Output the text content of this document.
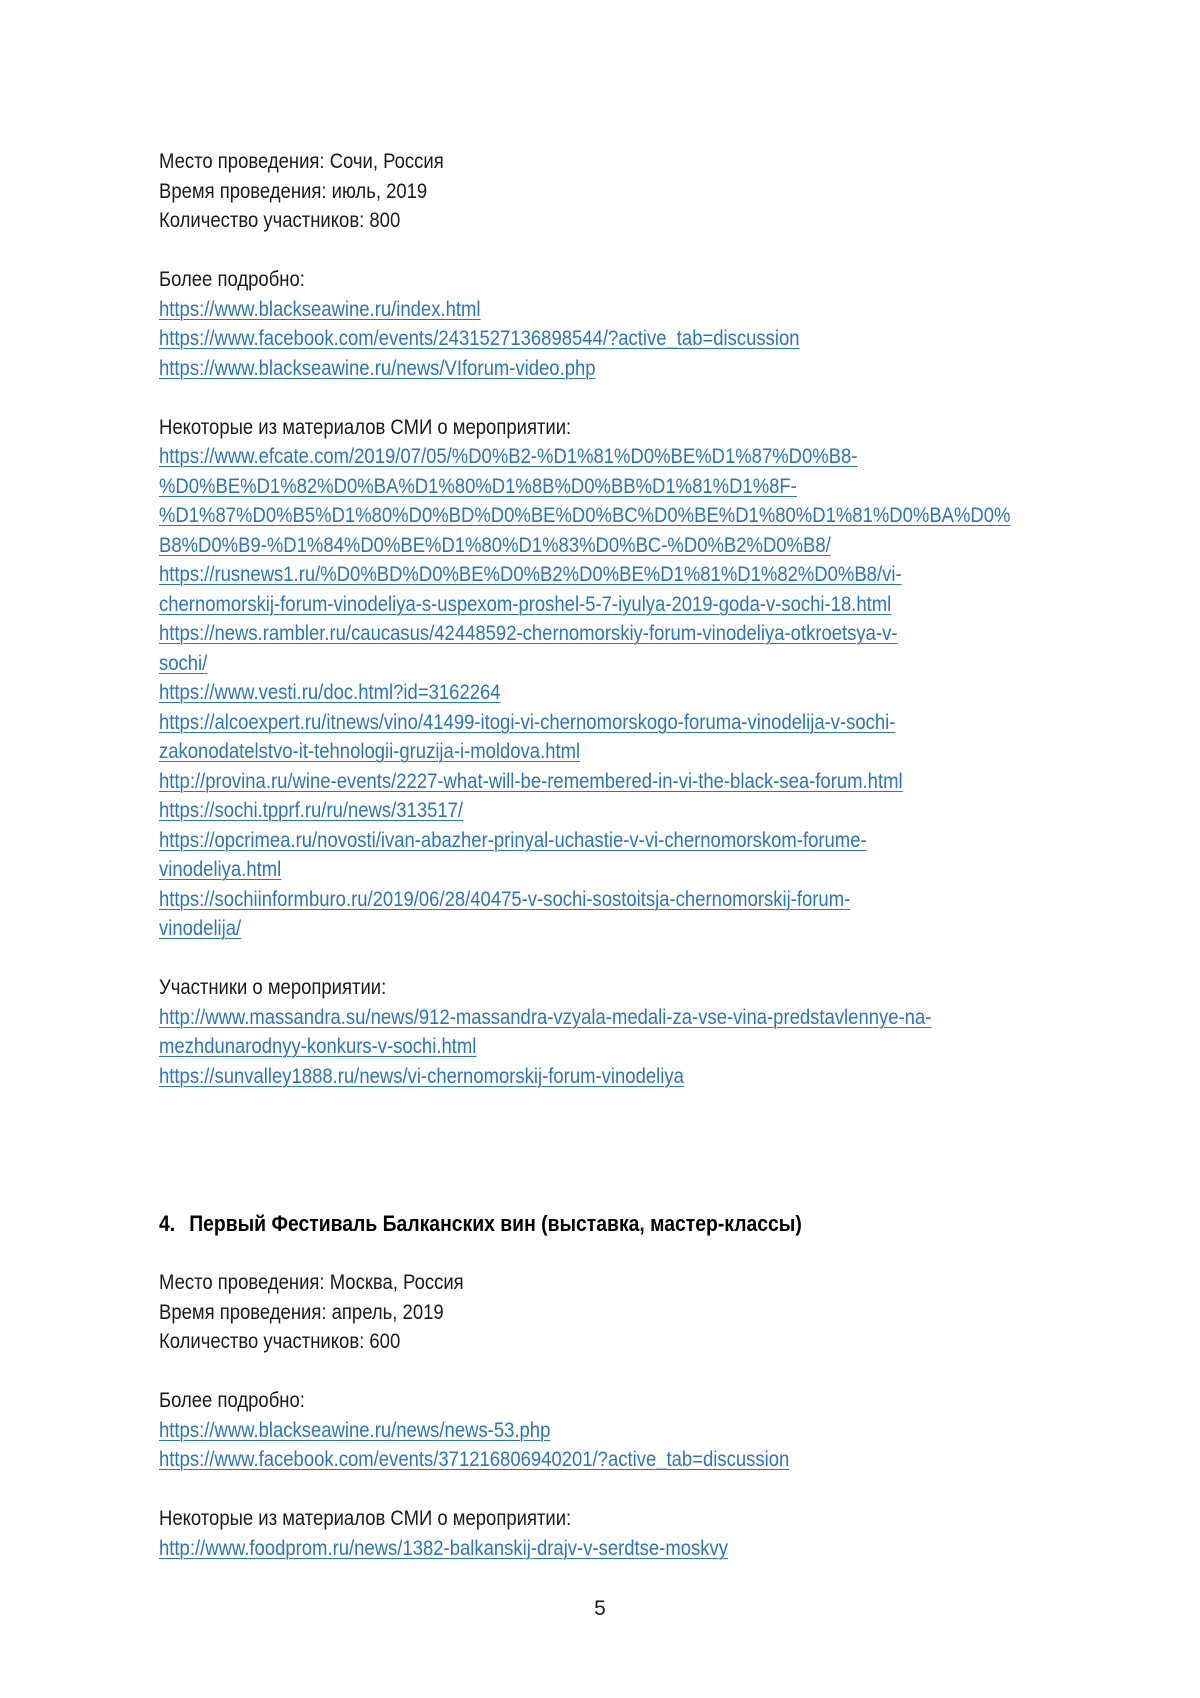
Место проведения: Сочи, Россия
Время проведения: июль, 2019
Количество участников: 800
Более подробно:
https://www.blackseawine.ru/index.html
https://www.facebook.com/events/2431527136898544/?active_tab=discussion
https://www.blackseawine.ru/news/VIforum-video.php
Некоторые из материалов СМИ о мероприятии:
https://www.efcate.com/2019/07/05/%D0%B2-%D1%81%D0%BE%D1%87%D0%B8-
%D0%BE%D1%82%D0%BA%D1%80%D1%8B%D0%BB%D1%81%D1%8F-
%D1%87%D0%B5%D1%80%D0%BD%D0%BE%D0%BC%D0%BE%D1%80%D1%81%D0%BA%D0%
B8%D0%B9-%D1%84%D0%BE%D1%80%D1%83%D0%BC-%D0%B2%D0%B8/
https://rusnews1.ru/%D0%BD%D0%BE%D0%B2%D0%BE%D1%81%D1%82%D0%B8/vi-
chernomorskij-forum-vinodeliya-s-uspexom-proshel-5-7-iyulya-2019-goda-v-sochi-18.html
https://news.rambler.ru/caucasus/42448592-chernomorskiy-forum-vinodeliya-otkroetsya-v-
sochi/
https://www.vesti.ru/doc.html?id=3162264
https://alcoexpert.ru/itnews/vino/41499-itogi-vi-chernomorskogo-foruma-vinodelija-v-sochi-
zakonodatelstvo-it-tehnologii-gruzija-i-moldova.html
http://provina.ru/wine-events/2227-what-will-be-remembered-in-vi-the-black-sea-forum.html
https://sochi.tpprf.ru/ru/news/313517/
https://opcrimea.ru/novosti/ivan-abazher-prinyal-uchastie-v-vi-chernomorskom-forume-
vinodeliya.html
https://sochiinformburo.ru/2019/06/28/40475-v-sochi-sostoitsja-chernomorskij-forum-
vinodelija/
Участники о мероприятии:
http://www.massandra.su/news/912-massandra-vzyala-medali-za-vse-vina-predstavlennye-na-
mezhdunarodnyy-konkurs-v-sochi.html
https://sunvalley1888.ru/news/vi-chernomorskij-forum-vinodeliya
4. Первый Фестиваль Балканских вин (выставка, мастер-классы)
Место проведения: Москва, Россия
Время проведения: апрель, 2019
Количество участников: 600
Более подробно:
https://www.blackseawine.ru/news/news-53.php
https://www.facebook.com/events/371216806940201/?active_tab=discussion
Некоторые из материалов СМИ о мероприятии:
http://www.foodprom.ru/news/1382-balkanskij-drajv-v-serdtse-moskvy
5
